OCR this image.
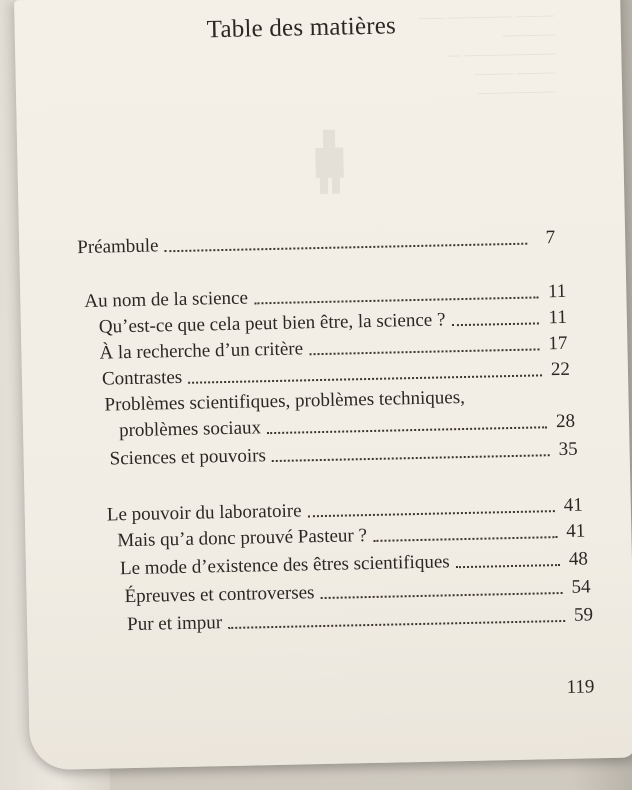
——— ————— ——
———— ——————— —
——— ——— ——————
Table des matières
Préambule	7
Au nom de la science	11
Qu’est-ce que cela peut bien être, la science ?	11
À la recherche d’un critère	17
Contrastes	22
Problèmes scientifiques, problèmes techniques,
problèmes sociaux	28
Sciences et pouvoirs	35
Le pouvoir du laboratoire	41
Mais qu’a donc prouvé Pasteur ?	41
Le mode d’existence des êtres scientifiques	48
Épreuves et controverses	54
Pur et impur	59
119
